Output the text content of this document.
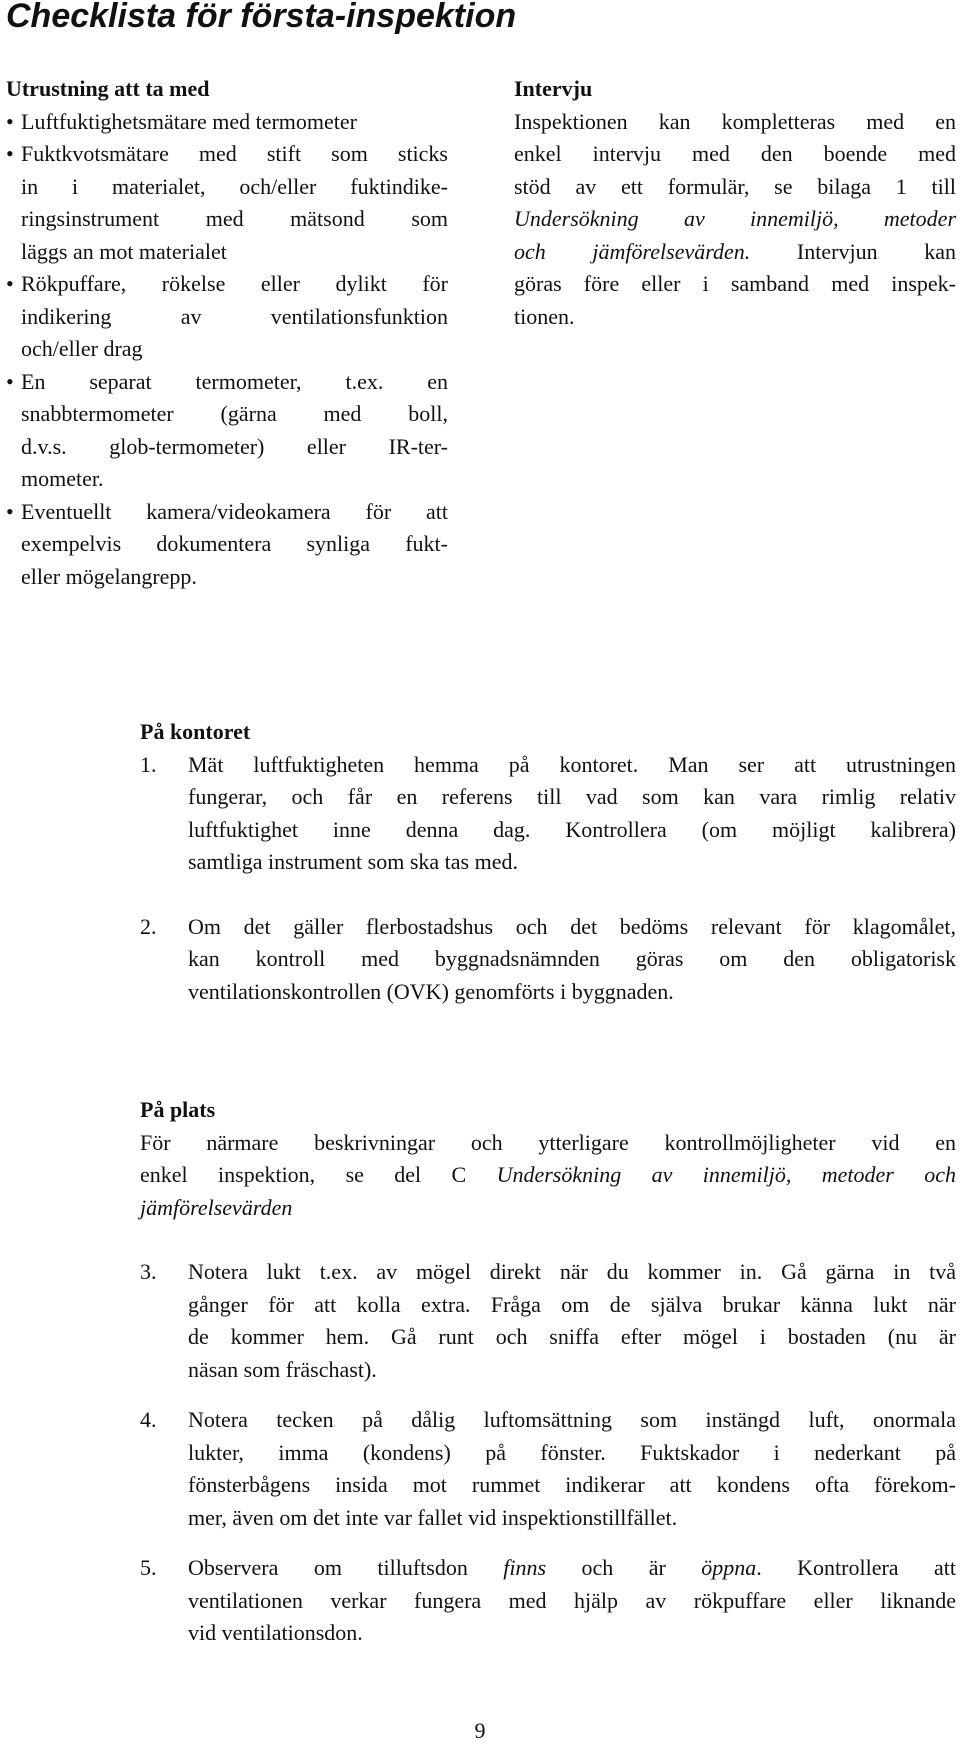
Checklista för första-inspektion
Utrustning att ta med
• Luftfuktighetsmätare med termometer
• Fuktkvotsmätare med stift som sticks
in i materialet, och/eller fuktindike-
ringsinstrument med mätsond som
läggs an mot materialet
• Rökpuffare, rökelse eller dylikt för
indikering av ventilationsfunktion
och/eller drag
• En separat termometer, t.ex. en
snabbtermometer (gärna med boll,
d.v.s. glob-termometer) eller IR-ter-
mometer.
• Eventuellt kamera/videokamera för att
exempelvis dokumentera synliga fukt-
eller mögelangrepp.
Intervju
Inspektionen kan kompletteras med en
enkel intervju med den boende med
stöd av ett formulär, se bilaga 1 till
Undersökning av innemiljö, metoder
och jämförelsevärden. Intervjun kan
göras före eller i samband med inspek-
tionen.
På kontoret
1. Mät luftfuktigheten hemma på kontoret. Man ser att utrustningen
fungerar, och får en referens till vad som kan vara rimlig relativ
luftfuktighet inne denna dag. Kontrollera (om möjligt kalibrera)
samtliga instrument som ska tas med.
2. Om det gäller flerbostadshus och det bedöms relevant för klagomålet,
kan kontroll med byggnadsnämnden göras om den obligatorisk
ventilationskontrollen (OVK) genomförts i byggnaden.
På plats
För närmare beskrivningar och ytterligare kontrollmöjligheter vid en
enkel inspektion, se del C Undersökning av innemiljö, metoder och
jämförelsevärden
3. Notera lukt t.ex. av mögel direkt när du kommer in. Gå gärna in två
gånger för att kolla extra. Fråga om de själva brukar känna lukt när
de kommer hem. Gå runt och sniffa efter mögel i bostaden (nu är
näsan som fräschast).
4. Notera tecken på dålig luftomsättning som instängd luft, onormala
lukter, imma (kondens) på fönster. Fuktskador i nederkant på
fönsterbågens insida mot rummet indikerar att kondens ofta förekom-
mer, även om det inte var fallet vid inspektionstillfället.
5. Observera om tilluftsdon finns och är öppna. Kontrollera att
ventilationen verkar fungera med hjälp av rökpuffare eller liknande
vid ventilationsdon.
9
